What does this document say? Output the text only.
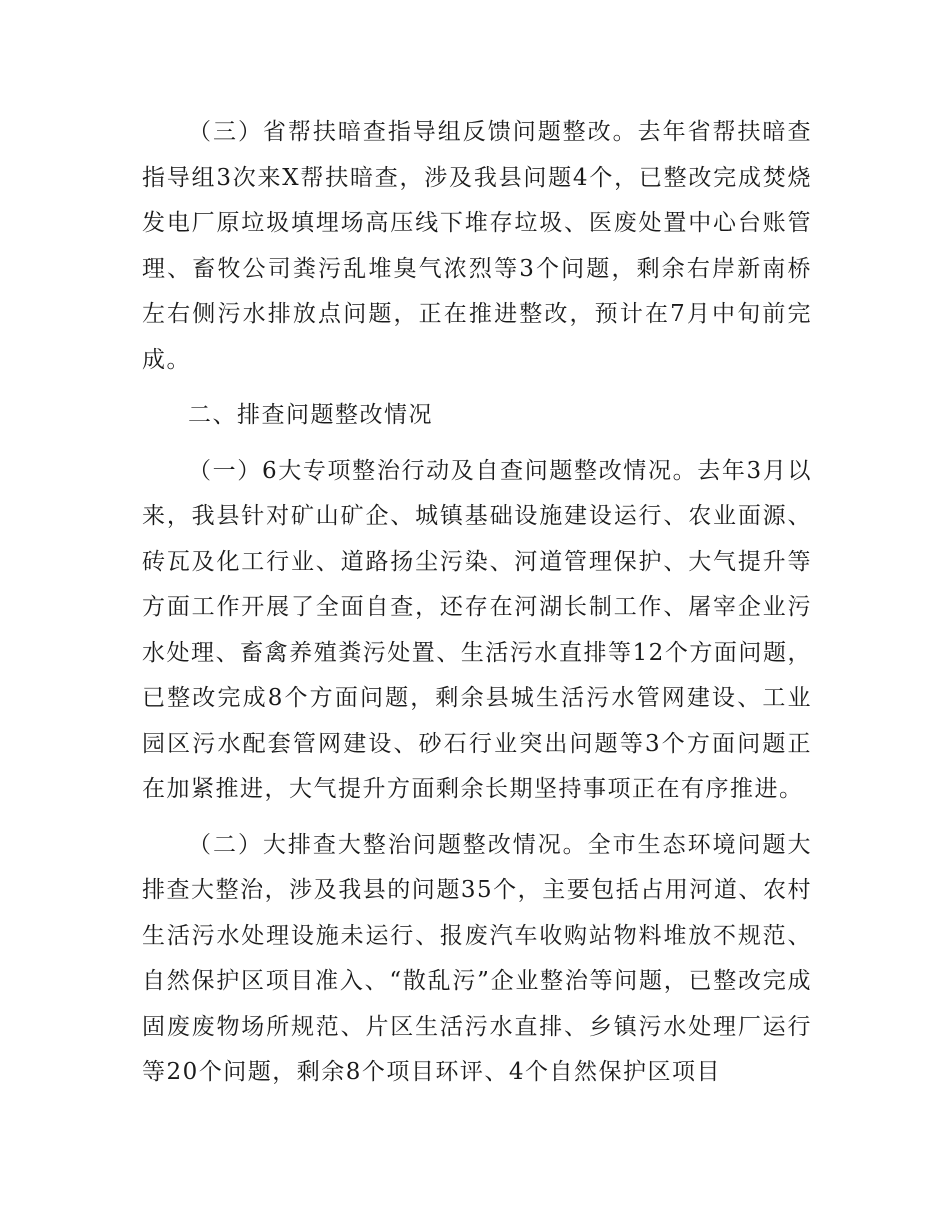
（三）省帮扶暗查指导组反馈问题整改。去年省帮扶暗查指导组3次来X帮扶暗查，涉及我县问题4个，已整改完成焚烧发电厂原垃圾填埋场高压线下堆存垃圾、医废处置中心台账管理、畜牧公司粪污乱堆臭气浓烈等3个问题，剩余右岸新南桥左右侧污水排放点问题，正在推进整改，预计在7月中旬前完成。

二、排查问题整改情况

（一）6大专项整治行动及自查问题整改情况。去年3月以来，我县针对矿山矿企、城镇基础设施建设运行、农业面源、砖瓦及化工行业、道路扬尘污染、河道管理保护、大气提升等方面工作开展了全面自查，还存在河湖长制工作、屠宰企业污水处理、畜禽养殖粪污处置、生活污水直排等12个方面问题，已整改完成8个方面问题，剩余县城生活污水管网建设、工业园区污水配套管网建设、砂石行业突出问题等3个方面问题正在加紧推进，大气提升方面剩余长期坚持事项正在有序推进。

（二）大排查大整治问题整改情况。全市生态环境问题大排查大整治，涉及我县的问题35个，主要包括占用河道、农村生活污水处理设施未运行、报废汽车收购站物料堆放不规范、自然保护区项目准入、“散乱污”企业整治等问题，已整改完成固废废物场所规范、片区生活污水直排、乡镇污水处理厂运行等20个问题，剩余8个项目环评、4个自然保护区项目
